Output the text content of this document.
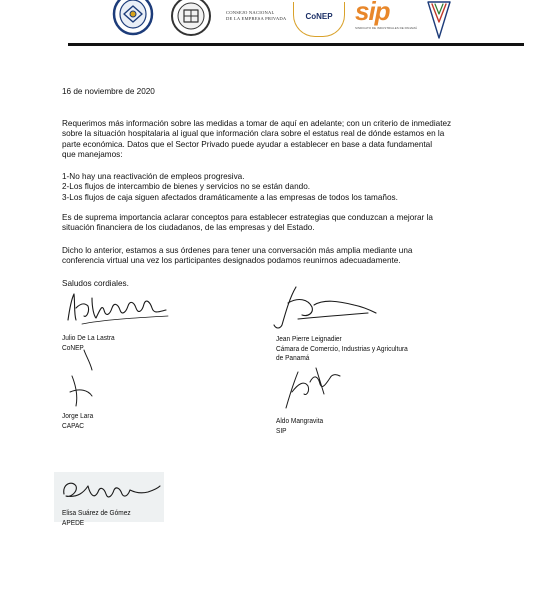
CONSEJO NACIONAL
DE LA EMPRESA PRIVADA	CoNEP sip
SINDICATO DE INDUSTRIALES DE PANAMÁ
16 de noviembre de 2020
Requerimos más información sobre las medidas a tomar de aquí en adelante; con un criterio de inmediatez
sobre la situación hospitalaria al igual que información clara sobre el estatus real de dónde estamos en la
parte económica. Datos que el Sector Privado puede ayudar a establecer en base a data fundamental
que manejamos:
1-No hay una reactivación de empleos progresiva.
2-Los flujos de intercambio de bienes y servicios no se están dando.
3-Los flujos de caja siguen afectados dramáticamente a las empresas de todos los tamaños.
Es de suprema importancia aclarar conceptos para establecer estrategias que conduzcan a mejorar la
situación financiera de los ciudadanos, de las empresas y del Estado.
Dicho lo anterior, estamos a sus órdenes para tener una conversación más amplia mediante una
conferencia virtual una vez los participantes designados podamos reunirnos adecuadamente.
Saludos cordiales.
Julio De La Lastra
CoNEP
Jorge Lara
CAPAC
Jean Pierre Leignadier
Cámara de Comercio, Industrias y Agricultura
de Panamá
Aldo Mangravita
SIP
Elisa Suárez de Gómez
APEDE
